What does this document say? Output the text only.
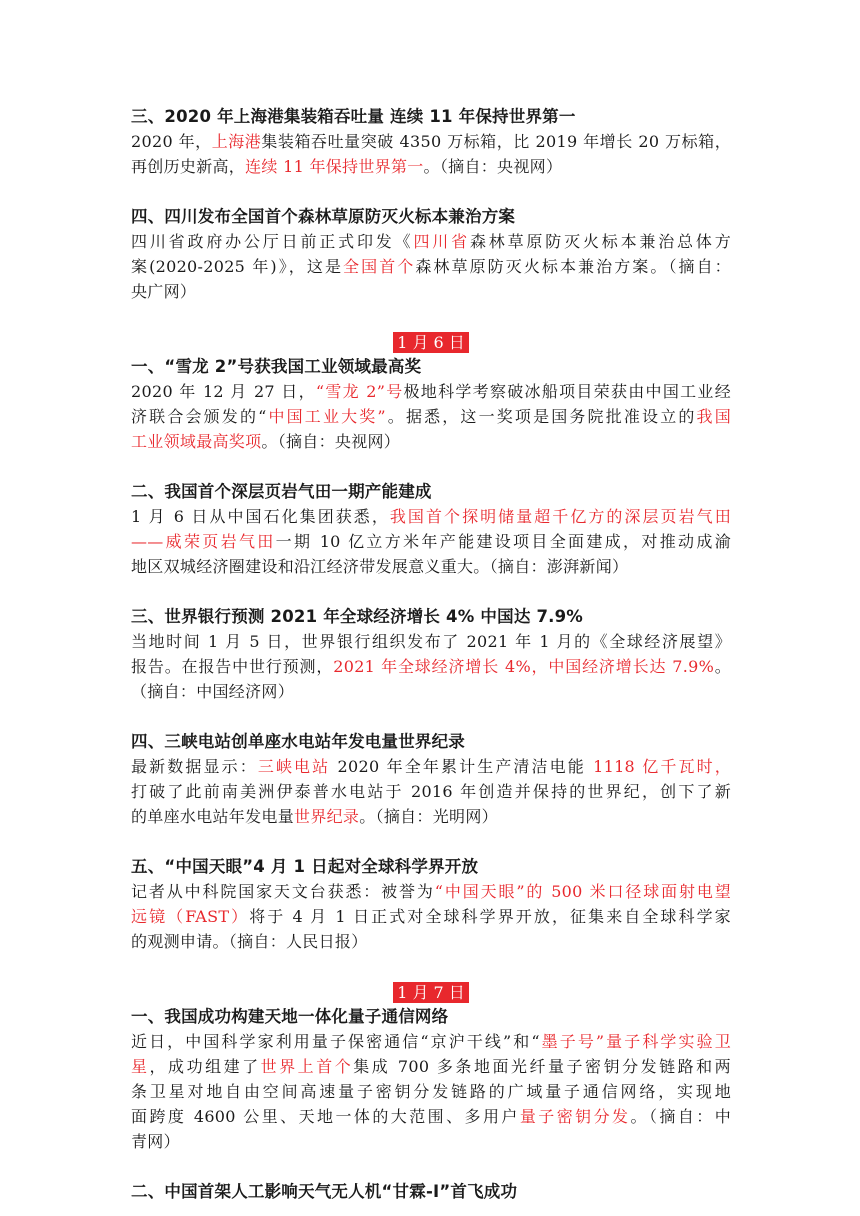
三、2020 年上海港集装箱吞吐量 连续 11 年保持世界第一
2020 年，上海港集装箱吞吐量突破 4350 万标箱，比 2019 年增长 20 万标箱，
再创历史新高，连续 11 年保持世界第一。（摘自：央视网）
四、四川发布全国首个森林草原防灭火标本兼治方案
四川省政府办公厅日前正式印发《四川省森林草原防灭火标本兼治总体方
案(2020-2025 年)》，这是全国首个森林草原防灭火标本兼治方案。（摘自：
央广网）
1 月 6 日
一、“雪龙 2”号获我国工业领域最高奖
2020 年 12 月 27 日，“雪龙 2”号极地科学考察破冰船项目荣获由中国工业经
济联合会颁发的“中国工业大奖”。据悉，这一奖项是国务院批准设立的我国
工业领域最高奖项。（摘自：央视网）
二、我国首个深层页岩气田一期产能建成
1 月 6 日从中国石化集团获悉，我国首个探明储量超千亿方的深层页岩气田
——威荣页岩气田一期 10 亿立方米年产能建设项目全面建成，对推动成渝
地区双城经济圈建设和沿江经济带发展意义重大。（摘自：澎湃新闻）
三、世界银行预测 2021 年全球经济增长 4% 中国达 7.9%
当地时间 1 月 5 日，世界银行组织发布了 2021 年 1 月的《全球经济展望》
报告。在报告中世行预测，2021 年全球经济增长 4%，中国经济增长达 7.9%。
（摘自：中国经济网）
四、三峡电站创单座水电站年发电量世界纪录
最新数据显示：三峡电站 2020 年全年累计生产清洁电能 1118 亿千瓦时，
打破了此前南美洲伊泰普水电站于 2016 年创造并保持的世界纪，创下了新
的单座水电站年发电量世界纪录。（摘自：光明网）
五、“中国天眼”4 月 1 日起对全球科学界开放
记者从中科院国家天文台获悉：被誉为“中国天眼”的 500 米口径球面射电望
远镜（FAST）将于 4 月 1 日正式对全球科学界开放，征集来自全球科学家
的观测申请。（摘自：人民日报）
1 月 7 日
一、我国成功构建天地一体化量子通信网络
近日，中国科学家利用量子保密通信“京沪干线”和“墨子号”量子科学实验卫
星，成功组建了世界上首个集成 700 多条地面光纤量子密钥分发链路和两
条卫星对地自由空间高速量子密钥分发链路的广域量子通信网络，实现地
面跨度 4600 公里、天地一体的大范围、多用户量子密钥分发。（摘自：中
青网）
二、中国首架人工影响天气无人机“甘霖-I”首飞成功
